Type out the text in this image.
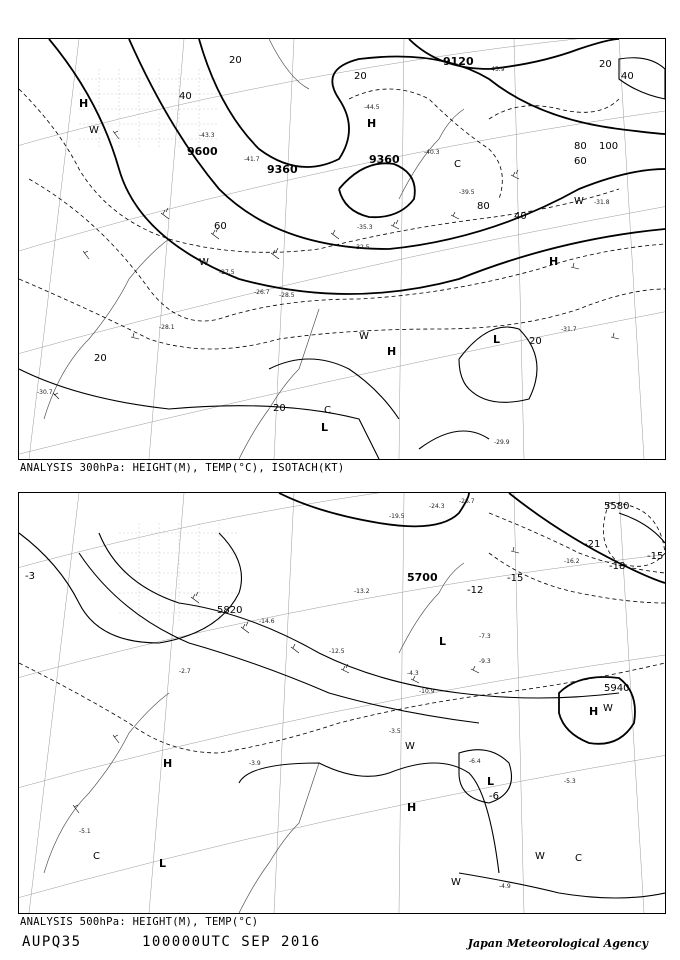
-26.7
-27.5
-28.5
-35.3
-40.3
-41.7
-43.3
-29.9
-31.7
-30.7
-28.1
-44.5
-45.9
-39.5
-32.5
-31.8
9600
9360
9360
9120
20
40
60
80 100
20
40
60
80
20
20
40
20
20
H
H
H
H
L
L
W
W
W
W
C
C
ANALYSIS 300hPa: HEIGHT(M), TEMP(°C), ISOTACH(KT)
-3.9
-4.3
-5.3
-14.6
-12.5
-13.2
-16.2
-19.5
-24.3
-26.7
-9.3
-10.9
-6.4
-4.9
-5.1
-3.5
-2.7
-7.3
5820
5700
5580
5940
-3
-6
-12
-15
-18
-21
-15
H
H
H
L
L
L
W
W
W
W
C	C
ANALYSIS 500hPa: HEIGHT(M), TEMP(°C)
AUPQ35	100000UTC SEP 2016	Japan Meteorological Agency
